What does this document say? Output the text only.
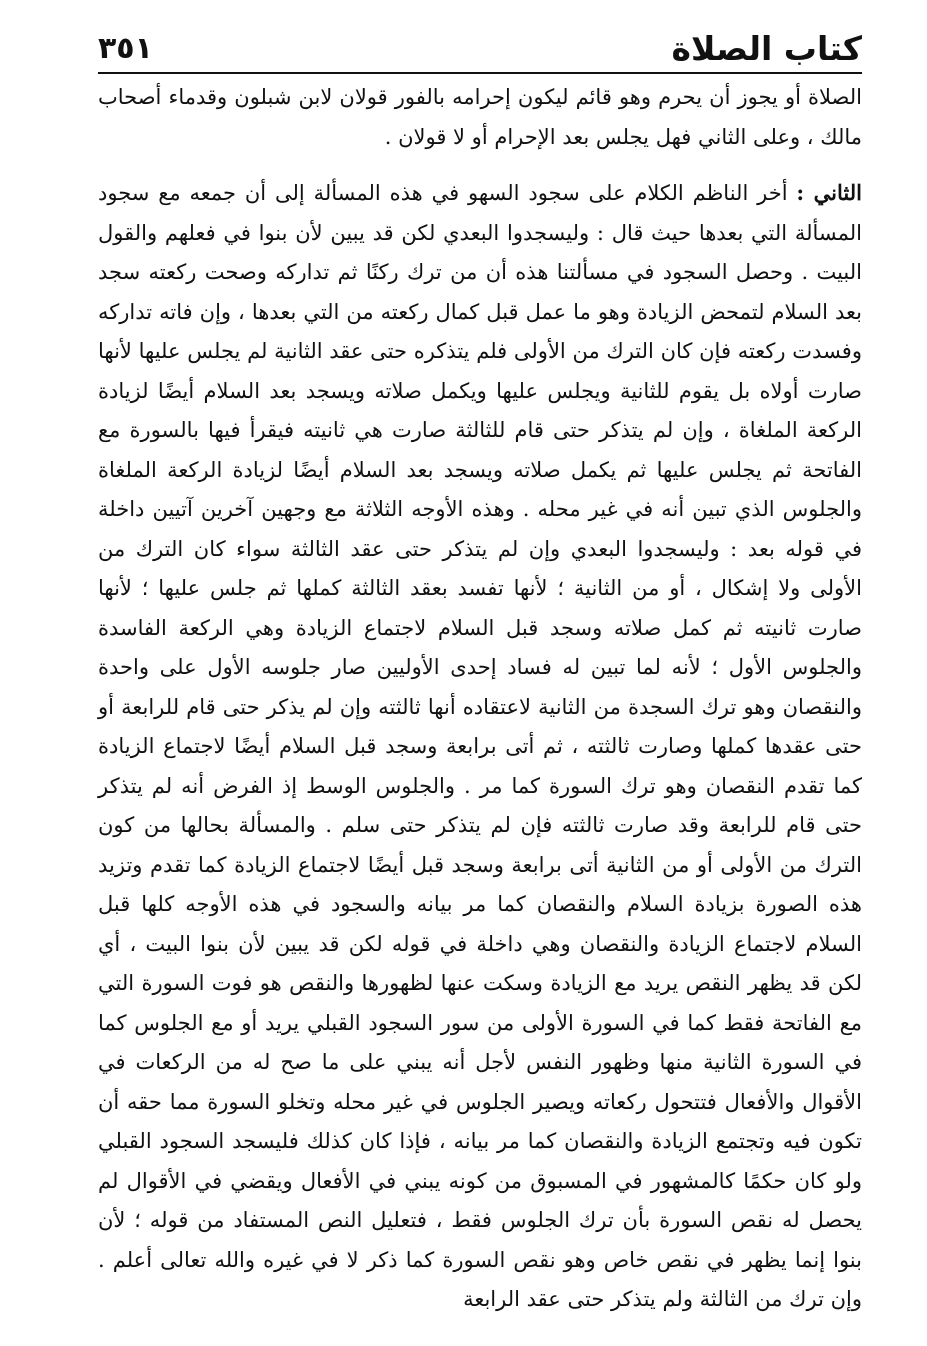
كتاب الصلاة
٣٥١

الصلاة أو يجوز أن يحرم وهو قائم ليكون إحرامه بالفور قولان لابن شبلون وقدماء أصحاب مالك ، وعلى الثاني فهل يجلس بعد الإحرام أو لا قولان .

الثاني : أخر الناظم الكلام على سجود السهو في هذه المسألة إلى أن جمعه مع سجود المسألة التي بعدها حيث قال : وليسجدوا البعدي لكن قد يبين لأن بنوا في فعلهم والقول البيت . وحصل السجود في مسألتنا هذه أن من ترك ركنًا ثم تداركه وصحت ركعته سجد بعد السلام لتمحض الزيادة وهو ما عمل قبل كمال ركعته من التي بعدها ، وإن فاته تداركه وفسدت ركعته فإن كان الترك من الأولى فلم يتذكره حتى عقد الثانية لم يجلس عليها لأنها صارت أولاه بل يقوم للثانية ويجلس عليها ويكمل صلاته ويسجد بعد السلام أيضًا لزيادة الركعة الملغاة ، وإن لم يتذكر حتى قام للثالثة صارت هي ثانيته فيقرأ فيها بالسورة مع الفاتحة ثم يجلس عليها ثم يكمل صلاته ويسجد بعد السلام أيضًا لزيادة الركعة الملغاة والجلوس الذي تبين أنه في غير محله . وهذه الأوجه الثلاثة مع وجهين آخرين آتيين داخلة في قوله بعد : وليسجدوا البعدي وإن لم يتذكر حتى عقد الثالثة سواء كان الترك من الأولى ولا إشكال ، أو من الثانية ؛ لأنها تفسد بعقد الثالثة كملها ثم جلس عليها ؛ لأنها صارت ثانيته ثم كمل صلاته وسجد قبل السلام لاجتماع الزيادة وهي الركعة الفاسدة والجلوس الأول ؛ لأنه لما تبين له فساد إحدى الأوليين صار جلوسه الأول على واحدة والنقصان وهو ترك السجدة من الثانية لاعتقاده أنها ثالثته وإن لم يذكر حتى قام للرابعة أو حتى عقدها كملها وصارت ثالثته ، ثم أتى برابعة وسجد قبل السلام أيضًا لاجتماع الزيادة كما تقدم النقصان وهو ترك السورة كما مر . والجلوس الوسط إذ الفرض أنه لم يتذكر حتى قام للرابعة وقد صارت ثالثته فإن لم يتذكر حتى سلم . والمسألة بحالها من كون الترك من الأولى أو من الثانية أتى برابعة وسجد قبل أيضًا لاجتماع الزيادة كما تقدم وتزيد هذه الصورة بزيادة السلام والنقصان كما مر بيانه والسجود في هذه الأوجه كلها قبل السلام لاجتماع الزيادة والنقصان وهي داخلة في قوله لكن قد يبين لأن بنوا البيت ، أي لكن قد يظهر النقص يريد مع الزيادة وسكت عنها لظهورها والنقص هو فوت السورة التي مع الفاتحة فقط كما في السورة الأولى من سور السجود القبلي يريد أو مع الجلوس كما في السورة الثانية منها وظهور النفس لأجل أنه يبني على ما صح له من الركعات في الأقوال والأفعال فتتحول ركعاته ويصير الجلوس في غير محله وتخلو السورة مما حقه أن تكون فيه وتجتمع الزيادة والنقصان كما مر بيانه ، فإذا كان كذلك فليسجد السجود القبلي ولو كان حكمًا كالمشهور في المسبوق من كونه يبني في الأفعال ويقضي في الأقوال لم يحصل له نقص السورة بأن ترك الجلوس فقط ، فتعليل النص المستفاد من قوله ؛ لأن بنوا إنما يظهر في نقص خاص وهو نقص السورة كما ذكر لا في غيره والله تعالى أعلم . وإن ترك من الثالثة ولم يتذكر حتى عقد الرابعة
